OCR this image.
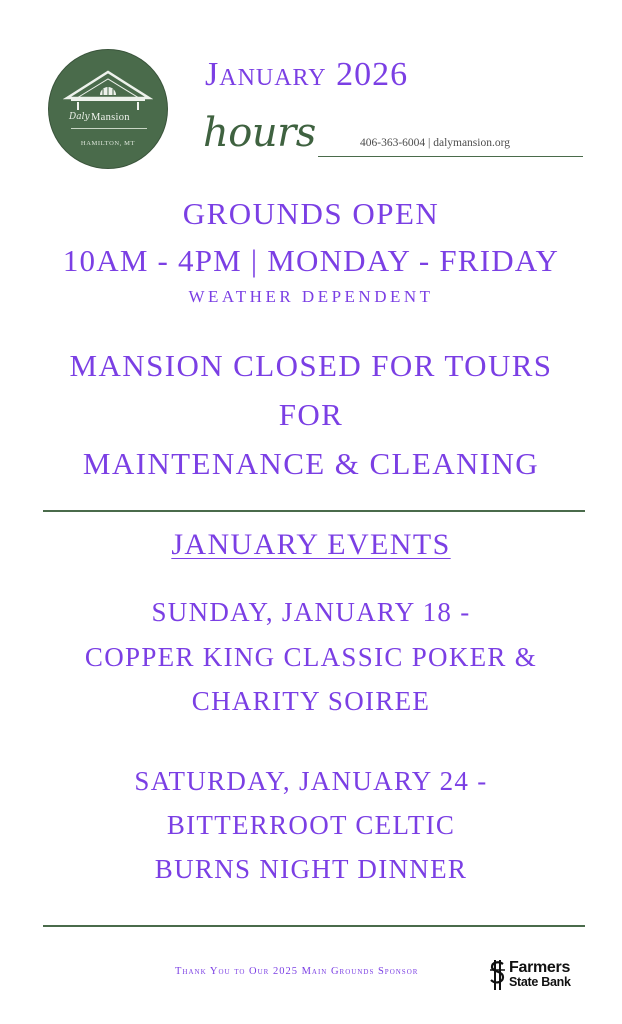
Daly Mansion
HAMILTON, MT
January 2026
hours	406-363-6004 | dalymansion.org
GROUNDS OPEN
10AM - 4PM | MONDAY - FRIDAY
WEATHER DEPENDENT
MANSION CLOSED FOR TOURS
FOR
MAINTENANCE & CLEANING
JANUARY EVENTS
SUNDAY, JANUARY 18 -
COPPER KING CLASSIC POKER &
CHARITY SOIREE
SATURDAY, JANUARY 24 -
BITTERROOT CELTIC
BURNS NIGHT DINNER
Thank You to Our 2025 Main Grounds Sponsor	Farmers
State Bank
